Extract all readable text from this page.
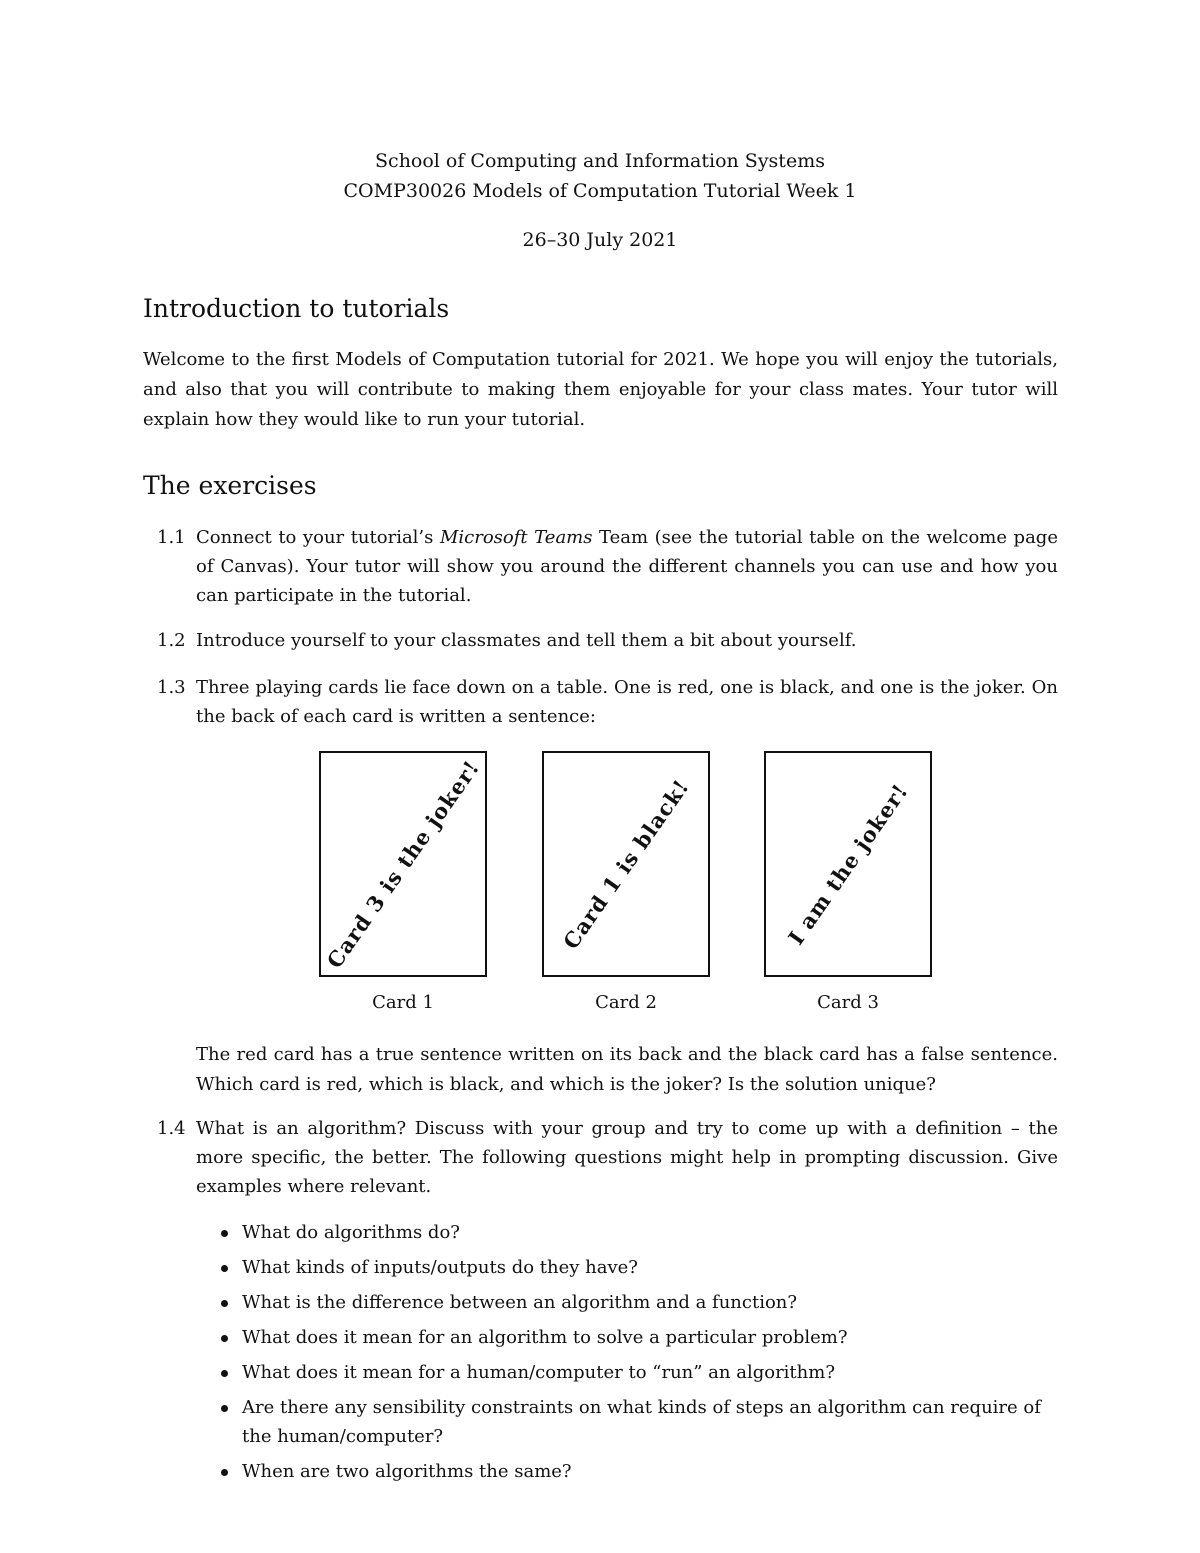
School of Computing and Information Systems
COMP30026 Models of Computation Tutorial Week 1
26–30 July 2021
Introduction to tutorials
Welcome to the first Models of Computation tutorial for 2021. We hope you will enjoy the tutorials, and also that you will contribute to making them enjoyable for your class mates. Your tutor will explain how they would like to run your tutorial.
The exercises
1.1 Connect to your tutorial’s Microsoft Teams Team (see the tutorial table on the welcome page of Canvas). Your tutor will show you around the different channels you can use and how you can participate in the tutorial.
1.2 Introduce yourself to your classmates and tell them a bit about yourself.
1.3 Three playing cards lie face down on a table. One is red, one is black, and one is the joker. On the back of each card is written a sentence:
Card 3 is the joker!	Card 1 is black!	I am the joker!
Card 1	Card 2	Card 3
The red card has a true sentence written on its back and the black card has a false sentence. Which card is red, which is black, and which is the joker? Is the solution unique?
1.4 What is an algorithm? Discuss with your group and try to come up with a definition – the more specific, the better. The following questions might help in prompting discussion. Give examples where relevant.
What do algorithms do?
What kinds of inputs/outputs do they have?
What is the difference between an algorithm and a function?
What does it mean for an algorithm to solve a particular problem?
What does it mean for a human/computer to “run” an algorithm?
Are there any sensibility constraints on what kinds of steps an algorithm can require of the human/computer?
When are two algorithms the same?
